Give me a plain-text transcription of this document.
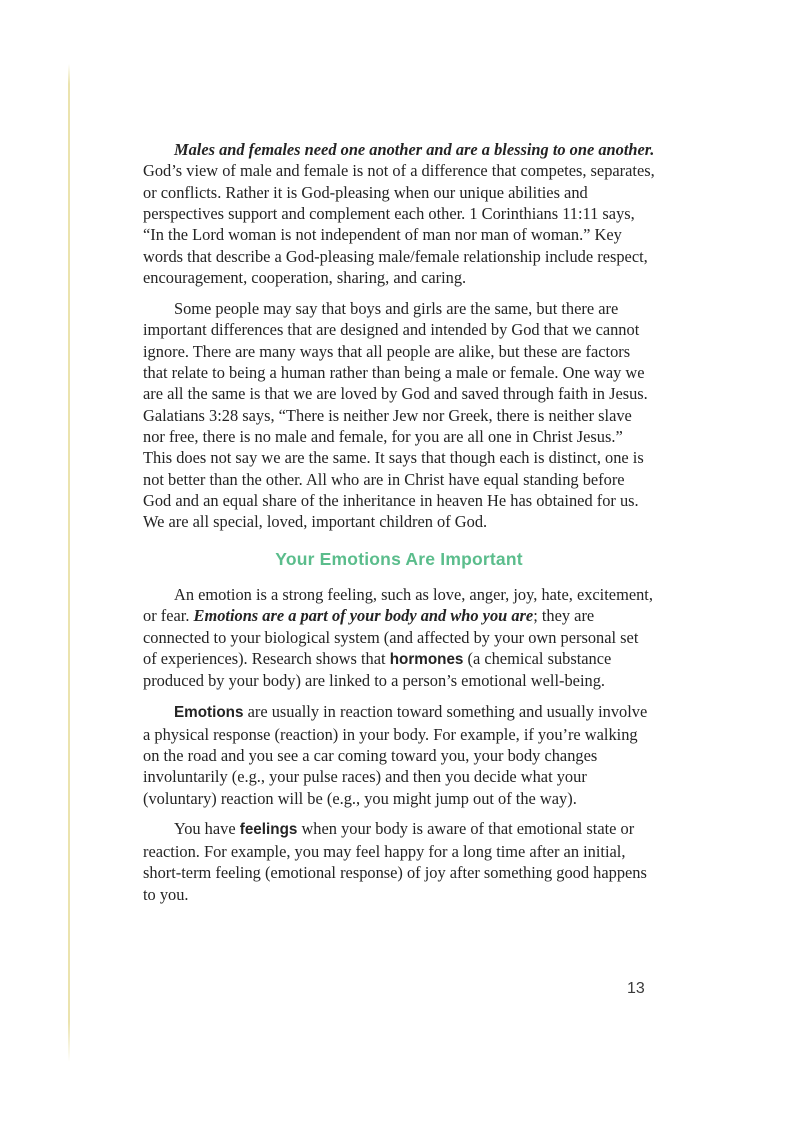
Males and females need one another and are a blessing to one another. God’s view of male and female is not of a difference that competes, separates, or conflicts. Rather it is God-pleasing when our unique abilities and perspectives support and complement each other. 1 Corinthians 11:11 says, “In the Lord woman is not independent of man nor man of woman.” Key words that describe a God-pleasing male/female relationship include respect, encouragement, cooperation, sharing, and caring.

Some people may say that boys and girls are the same, but there are important differences that are designed and intended by God that we cannot ignore. There are many ways that all people are alike, but these are factors that relate to being a human rather than being a male or female. One way we are all the same is that we are loved by God and saved through faith in Jesus. Galatians 3:28 says, “There is neither Jew nor Greek, there is neither slave nor free, there is no male and female, for you are all one in Christ Jesus.” This does not say we are the same. It says that though each is distinct, one is not better than the other. All who are in Christ have equal standing before God and an equal share of the inheritance in heaven He has obtained for us. We are all special, loved, important children of God.

Your Emotions Are Important

An emotion is a strong feeling, such as love, anger, joy, hate, excitement, or fear. Emotions are a part of your body and who you are; they are connected to your biological system (and affected by your own personal set of experiences). Research shows that hormones (a chemical substance produced by your body) are linked to a person’s emotional well-being.

Emotions are usually in reaction toward something and usually involve a physical response (reaction) in your body. For example, if you’re walking on the road and you see a car coming toward you, your body changes involuntarily (e.g., your pulse races) and then you decide what your (voluntary) reaction will be (e.g., you might jump out of the way).

You have feelings when your body is aware of that emotional state or reaction. For example, you may feel happy for a long time after an initial, short-term feeling (emotional response) of joy after something good happens to you.

13
